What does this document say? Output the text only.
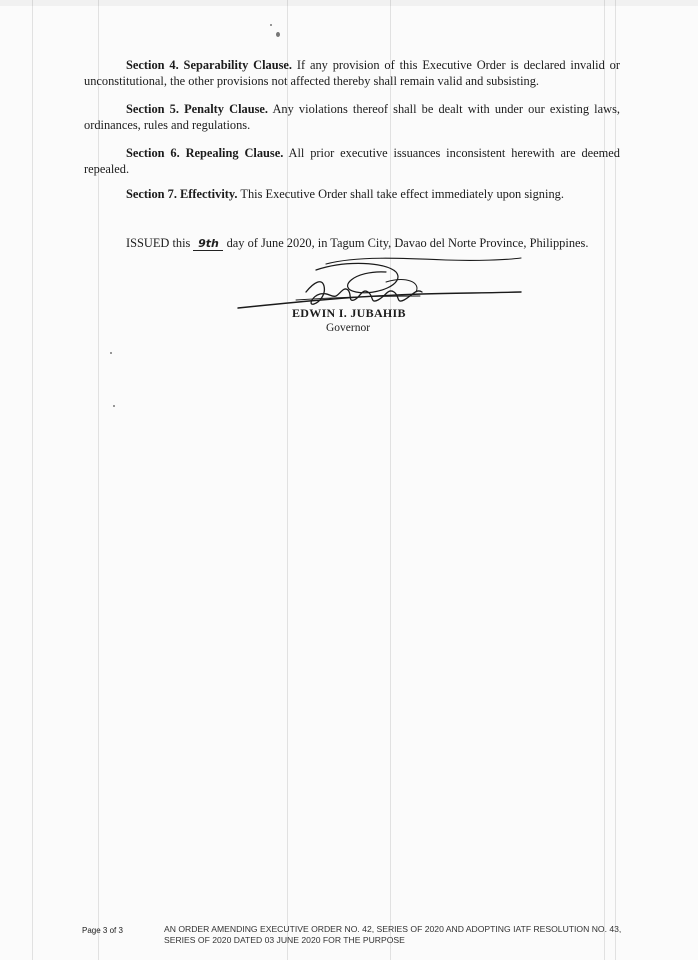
Section 4. Separability Clause. If any provision of this Executive Order is declared invalid or unconstitutional, the other provisions not affected thereby shall remain valid and subsisting.
Section 5. Penalty Clause. Any violations thereof shall be dealt with under our existing laws, ordinances, rules and regulations.
Section 6. Repealing Clause. All prior executive issuances inconsistent herewith are deemed repealed.
Section 7. Effectivity. This Executive Order shall take effect immediately upon signing.
ISSUED this 9th day of June 2020, in Tagum City, Davao del Norte Province, Philippines.
EDWIN I. JUBAHIB
Governor
Page 3 of 3	AN ORDER AMENDING EXECUTIVE ORDER NO. 42, SERIES OF 2020 AND ADOPTING IATF RESOLUTION NO. 43, SERIES OF 2020 DATED 03 JUNE 2020 FOR THE PURPOSE
